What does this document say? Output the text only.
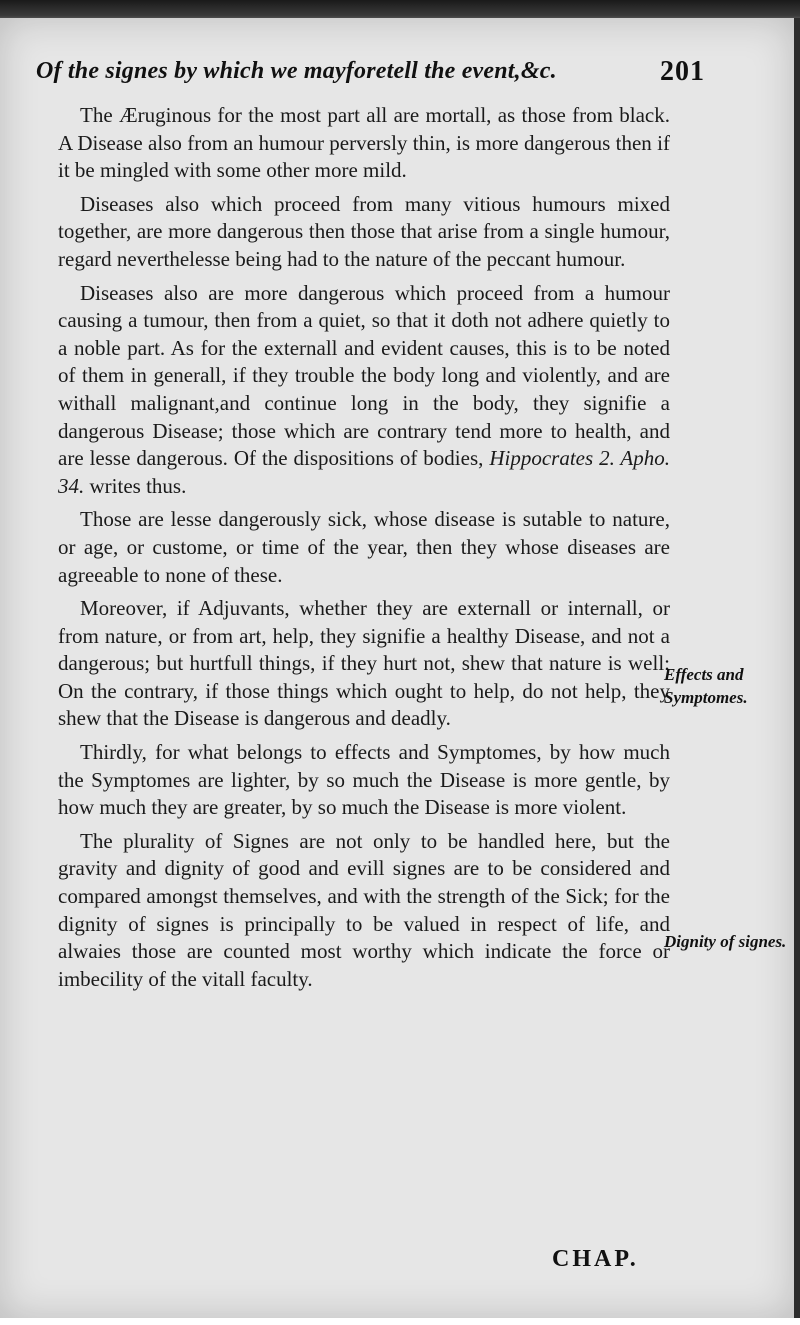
Of the signes by which we mayforetell the event,&c.	201

The Æruginous for the most part all are mortall, as those from black. A Disease also from an humour perversly thin, is more dangerous then if it be mingled with some other more mild.

Diseases also which proceed from many vitious humours mixed together, are more dangerous then those that arise from a single humour, regard neverthelesse being had to the nature of the peccant humour.

Diseases also are more dangerous which proceed from a humour causing a tumour, then from a quiet, so that it doth not adhere quietly to a noble part. As for the externall and evident causes, this is to be noted of them in generall, if they trouble the body long and violently, and are withall malignant,and continue long in the body, they signifie a dangerous Disease; those which are contrary tend more to health, and are lesse dangerous. Of the dispositions of bodies, Hippocrates 2. Apho. 34. writes thus.

Those are lesse dangerously sick, whose disease is sutable to nature, or age, or custome, or time of the year, then they whose diseases are agreeable to none of these.

Moreover, if Adjuvants, whether they are externall or internall, or from nature, or from art, help, they signifie a healthy Disease, and not a dangerous; but hurtfull things, if they hurt not, shew that nature is well: On the contrary, if those things which ought to help, do not help, they shew that the Disease is dangerous and deadly.

Thirdly, for what belongs to effects and Symptomes, by how much the Symptomes are lighter, by so much the Disease is more gentle, by how much they are greater, by so much the Disease is more violent.

The plurality of Signes are not only to be handled here, but the gravity and dignity of good and evill signes are to be considered and compared amongst themselves, and with the strength of the Sick; for the dignity of signes is principally to be valued in respect of life, and alwaies those are counted most worthy which indicate the force or imbecility of the vitall faculty.

Effects and Symptomes.
Dignity of signes.
CHAP.
